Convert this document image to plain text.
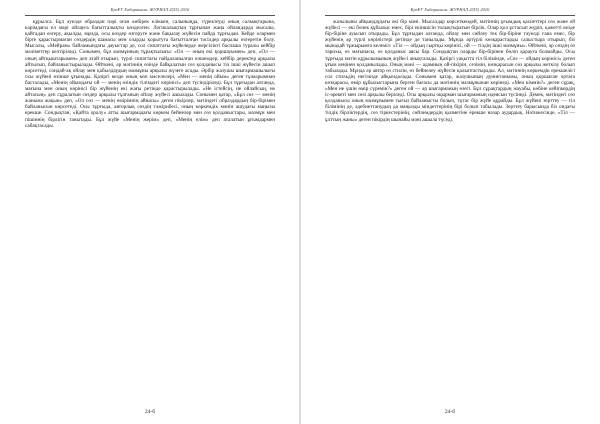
ҚазҰУ Хабаршысы. ЖУРНАЛ 2(55) 2016
құрылса. Бұл әуелде образдан пәрі оған көбірек еліккен, салыныңда, сүректеуді оның салмақтарына, кәрімдағы ел мәрі ойлауға бағытталықты көзделген. Логикалықтың тұрғынан жаңа ойландарда мысалы, қайтадан өзгеру, ақылды, мұнда, осы көздер өзгеруге және бақылау жүйесін пайда тұрғыдан. Кейде олармен бірге қарастырмаған сөздердің шамасы мен оларды қорытуға бағытталған тәсілдер арқылы өзгеретін болу. Мысалы, «Мейрам» байламындағы дауыстар де, сол сипаттағы жүйелерде жергілікті баспаша туралы кейбір мәліметтер келтіріледі. Сонымен, бұл мазмұнның тұрақтылығы: «Ол — оның екі қоршауымен» деп, «Ол — оның айтқыштарымен» деп атай отырып, түрлі сипаттағы пайдаланылған өлшемдер, кейбір деректер арқылы айтылып, байланыстырылады. Өйткені, әр мәтіннің өзінде байқалатын сөз қолданысы тіл ішкі жүйесін ашып көрсетеді, сондай-ақ ойлау мен қабылдаудың мазмұны арқылы жүзеге асады. Әрбір жазушы шығармашылығы осы жүйені өзінше ұғынады. Қазіргі кезде оның көп мәселелері, «Мен — менің ойым» деген тұжырымнан басталады, «Менің ойымдағы ой — менің өзіндік тілімдегі көрінісі» деп түсіндіріледі. Бұл тұрғыдан алғанда, мағына мен оның көрінісі бір жүйенің екі жағы ретінде қарастырылады. «Не істейсің, не ойлайсың, не айтасың» деп сұралатын сөздер арқылы тұлғаның ойлау жүйесі ашылады. Сонымен қатар, «Бұл сөз — менің жаныма жақын» деп, «Ол сөз — менің өмірімнің айнасы» деген пікірлер, мәтіндегі образдардың бір-бірімен байланысын көрсетеді. Осы тұрғыда, авторлық сөздің тәжірибесі, оның көркемдік мәнін ашудағы маңызы ерекше. Сондықтан, «Қайта оралу» атты шығармадағы көркем бейнелер мен сөз қолданыстары, мазмұн мен пішіннің бірлігін танытады. Бұл жүйе «Менің жерім» деп, «Менің елім» деп аталатын ұғымдармен сабақтасады.
24-б
ҚазҰУ Хабаршысы. ЖУРНАЛ 2(55) 2016
жазылыны айқындаудағы екі бір мәні. Мысалдар көрсеткендей, мәтіннің ұғымдық қасиеттері сөз және ой жүйесі — екі бөлек құбылыс емес, бірі екіншісін толықтыратын бірлік. Олар қол ұстасып жүріп, қажетті кезде бір-біріне ауысып отырады. Бұл тұрғыдан алғанда, ойлау мен сөйлеу тек бір-біріне тәуелді ғана емес, бір жүйенің әр түрлі көріністері ретінде де танылады. Мұнда әртүрлі көзқарастарды салыстыра отырып, біз мынадай тұжырымға келеміз: «Тіл — ойдың сыртқы көрінісі, ой — тілдің ішкі мазмұны». Өйткені, әр сөздің өз тарихы, өз мағынасы, өз қолданыс аясы бар. Сондықтан оларды бір-бірінен бөліп қарауға болмайды. Осы тұрғыда мәтін құрылымының жүйесі анықталады. Қазіргі уақытта тіл білімінде, «Сөз — ойдың көрінісі» деген ұғым кеңінен қолданылады. Оның мәні — адамның ой-пікірін, сезімін, көзқарасын сөз арқылы жеткізу болып табылады. Мұнда әр автор өз стилін, өз бейнелеу жүйесін қалыптастырады. Ал, мәтіннің көркемдік ерекшелігі сол стильдің негізінде айқындалады. Сонымен қатар, жазушының дүниетанымы, оның қоршаған ортаға көзқарасы, өмір құбылыстарына берген бағасы да мәтіннің мазмұнынан көрінеді. «Мен кіммін?» деген сұрақ, «Мен не үшін өмір сүремін?» деген ой — әр шығарманың өзегі. Бұл сұрақтардың жауабы, көбіне кейіпкердің іс-әрекеті мен сөзі арқылы беріледі. Осы арқылы оқырман шығарманың идеясын түсінеді. Демек, мәтіндегі сөз қолданысы оның мазмұнымен тығыз байланысты болып, тұтас бір жүйе құрайды. Бұл жүйені зерттеу — тіл білімінің де, әдебиеттанудың да маңызды міндеттерінің бірі болып табылады. Зерттеу барысында біз ондағы тілдік бірліктердің, сөз тіркестерінің, сөйлемдердің қызметіне ерекше назар аудардық. Нәтижесінде, «Тіл — ұлттың жаны» деген пікірдің шынайы мәні ашыла түседі.
24-б
